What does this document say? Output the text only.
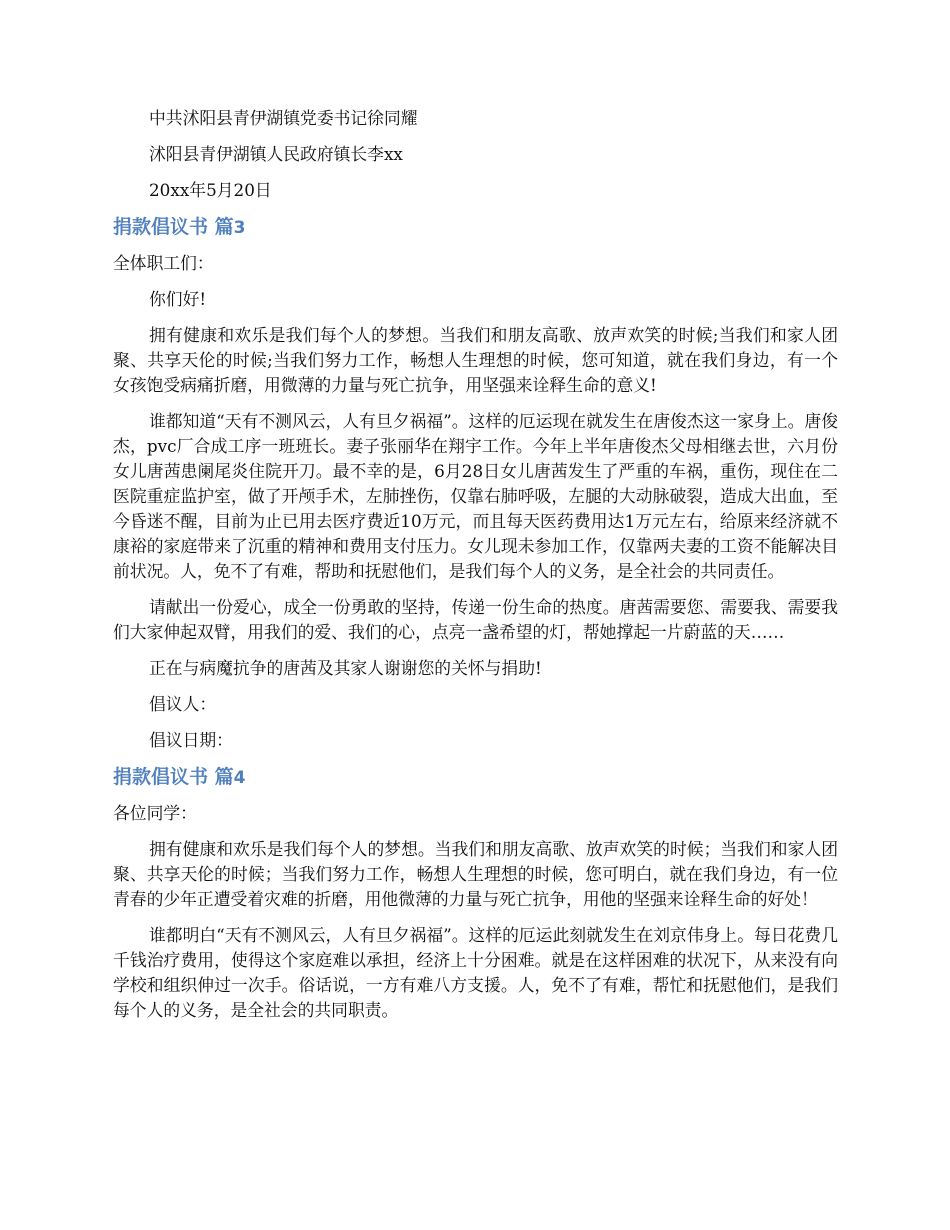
中共沭阳县青伊湖镇党委书记徐同耀
沭阳县青伊湖镇人民政府镇长李xx
20xx年5月20日
捐款倡议书 篇3

全体职工们：

你们好!

拥有健康和欢乐是我们每个人的梦想。当我们和朋友高歌、放声欢笑的时候;当我们和家人团聚、共享天伦的时候;当我们努力工作，畅想人生理想的时候，您可知道，就在我们身边，有一个女孩饱受病痛折磨，用微薄的力量与死亡抗争，用坚强来诠释生命的意义!

谁都知道“天有不测风云，人有旦夕祸福”。这样的厄运现在就发生在唐俊杰这一家身上。唐俊杰，pvc厂合成工序一班班长。妻子张丽华在翔宇工作。今年上半年唐俊杰父母相继去世，六月份女儿唐茜患阑尾炎住院开刀。最不幸的是，6月28日女儿唐茜发生了严重的车祸，重伤，现住在二医院重症监护室，做了开颅手术，左肺挫伤，仅靠右肺呼吸，左腿的大动脉破裂，造成大出血，至今昏迷不醒，目前为止已用去医疗费近10万元，而且每天医药费用达1万元左右，给原来经济就不康裕的家庭带来了沉重的精神和费用支付压力。女儿现未参加工作，仅靠两夫妻的工资不能解决目前状况。人，免不了有难，帮助和抚慰他们，是我们每个人的义务，是全社会的共同责任。

请献出一份爱心，成全一份勇敢的坚持，传递一份生命的热度。唐茜需要您、需要我、需要我们大家伸起双臂，用我们的爱、我们的心，点亮一盏希望的灯，帮她撑起一片蔚蓝的天……

正在与病魔抗争的唐茜及其家人谢谢您的关怀与捐助!

倡议人：

倡议日期：

捐款倡议书 篇4

各位同学：

拥有健康和欢乐是我们每个人的梦想。当我们和朋友高歌、放声欢笑的时候；当我们和家人团聚、共享天伦的时候；当我们努力工作，畅想人生理想的时候，您可明白，就在我们身边，有一位青春的少年正遭受着灾难的折磨，用他微薄的力量与死亡抗争，用他的坚强来诠释生命的好处！

谁都明白“天有不测风云，人有旦夕祸福”。这样的厄运此刻就发生在刘京伟身上。每日花费几千钱治疗费用，使得这个家庭难以承担，经济上十分困难。就是在这样困难的状况下，从来没有向学校和组织伸过一次手。俗话说，一方有难八方支援。人，免不了有难，帮忙和抚慰他们，是我们每个人的义务，是全社会的共同职责。
